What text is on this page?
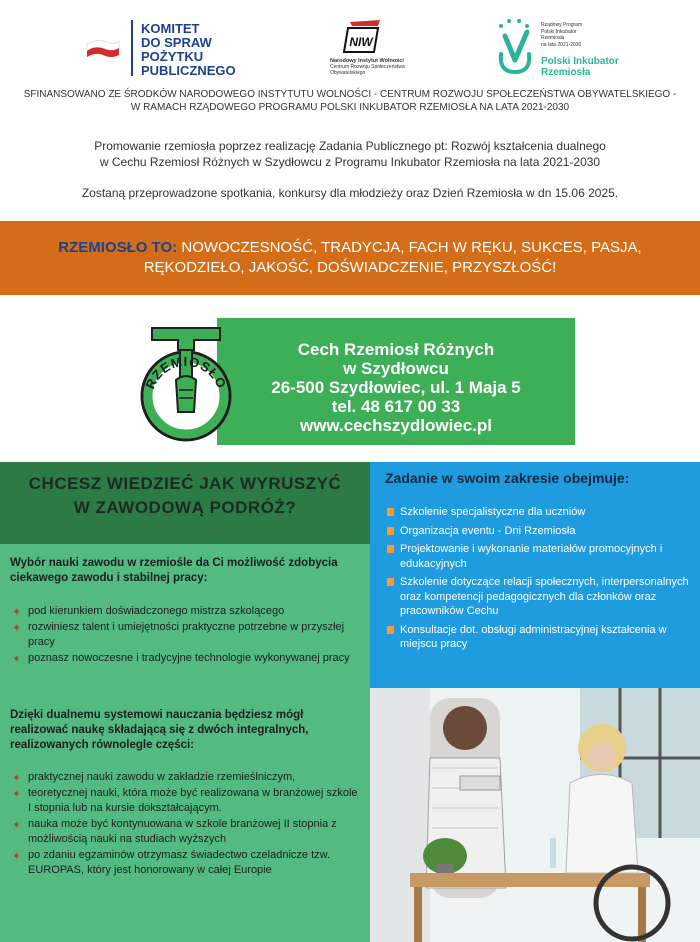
KOMITET
DO SPRAW
POŻYTKU
PUBLICZNEGO
NIW
Narodowy Instytut Wolności
Centrum Rozwoju Społeczeństwa Obywatelskiego
Rządowy Program
Polski Inkubator
Rzemiosła
na lata 2021-2030
Polski Inkubator
Rzemiosła
SFINANSOWANO ZE ŚRODKÓW NARODOWEGO INSTYTUTU WOLNOŚCI - CENTRUM ROZWOJU SPOŁECZEŃSTWA OBYWATELSKIEGO -
W RAMACH RZĄDOWEGO PROGRAMU POLSKI INKUBATOR RZEMIOSŁA NA LATA 2021-2030
Promowanie rzemiosła poprzez realizację Zadania Publicznego pt: Rozwój kształcenia dualnego
w Cechu Rzemiosł Różnych w Szydłowcu z Programu Inkubator Rzemiosła na lata 2021-2030
Zostaną przeprowadzone spotkania, konkursy dla młodzieży oraz Dzień Rzemiosła w dn 15.06 2025.
RZEMIOSŁO TO: NOWOCZESNOŚĆ, TRADYCJA, FACH W RĘKU, SUKCES, PASJA, RĘKODZIEŁO, JAKOŚĆ, DOŚWIADCZENIE, PRZYSZŁOŚĆ!
Cech Rzemiosł Różnych
w Szydłowcu
26-500 Szydłowiec, ul. 1 Maja 5
tel. 48 617 00 33
www.cechszydlowiec.pl
RZEMIOSŁO
CHCESZ WIEDZIEĆ JAK WYRUSZYĆ
W ZAWODOWĄ PODRÓŻ?
Wybór nauki zawodu w rzemiośle da Ci możliwość zdobycia ciekawego zawodu i stabilnej pracy:
➧ pod kierunkiem doświadczonego mistrza szkolącego
➧ rozwiniesz talent i umiejętności praktyczne potrzebne w przyszłej pracy
➧ poznasz nowoczesne i tradycyjne technologie wykonywanej pracy
Dzięki dualnemu systemowi nauczania będziesz mógł realizować naukę składającą się z dwóch integralnych, realizowanych równolegle części:
➧ praktycznej nauki zawodu w zakładzie rzemieślniczym,
➧ teoretycznej nauki, która może być realizowana w branżowej szkole I stopnia lub na kursie dokształcającym.
➧ nauka może być kontynuowana w szkole branżowej II stopnia z możliwością nauki na studiach wyższych
➧ po zdaniu egzaminów otrzymasz świadectwo czeladnicze tzw. EUROPAS, który jest honorowany w całej Europie
Zadanie w swoim zakresie obejmuje:
Szkolenie specjalistyczne dla uczniów
Organizacja eventu - Dni Rzemiosła
Projektowanie i wykonanie materiałów promocyjnych i edukacyjnych
Szkolenie dotyczące relacji społecznych, interpersonalnych oraz kompetencji pedagogicznych dla członków oraz pracowników Cechu
Konsultacje dot. obsługi administracyjnej kształcenia w miejscu pracy
